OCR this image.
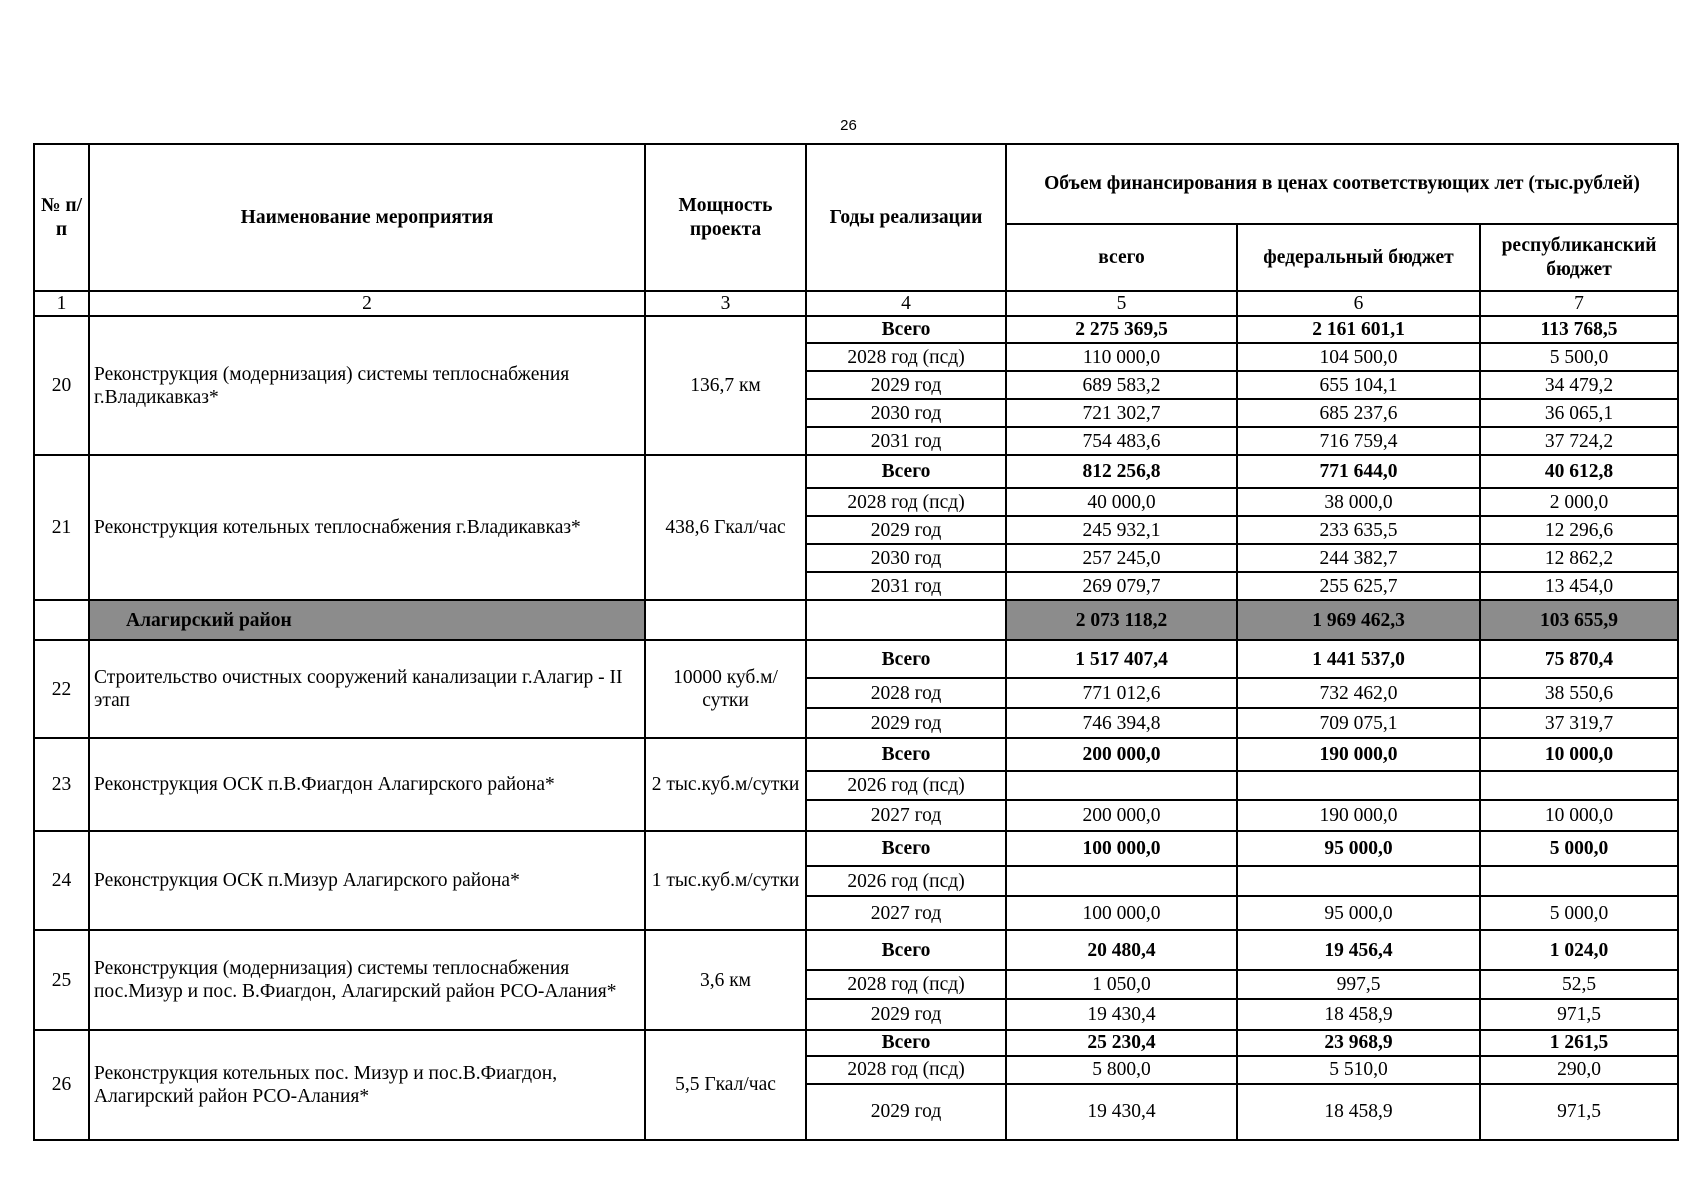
26
№ п/п	Наименование мероприятия	Мощность проекта	Годы реализации	Объем финансирования в ценах соответствующих лет (тыс.рублей)		
				всего	федеральный бюджет	республиканский бюджет
1	2	3	4	5	6	7
20	Реконструкция (модернизация) системы теплоснабжения г.Владикавказ*	136,7 км	Всего	2 275 369,5	2 161 601,1	113 768,5
			2028 год (псд)	110 000,0	104 500,0	5 500,0
			2029 год	689 583,2	655 104,1	34 479,2
			2030 год	721 302,7	685 237,6	36 065,1
			2031 год	754 483,6	716 759,4	37 724,2
21	Реконструкция котельных теплоснабжения г.Владикавказ*	438,6 Гкал/час	Всего	812 256,8	771 644,0	40 612,8
			2028 год (псд)	40 000,0	38 000,0	2 000,0
			2029 год	245 932,1	233 635,5	12 296,6
			2030 год	257 245,0	244 382,7	12 862,2
			2031 год	269 079,7	255 625,7	13 454,0
	Алагирский район			2 073 118,2	1 969 462,3	103 655,9
22	Строительство очистных сооружений канализации г.Алагир - II этап	10000 куб.м/сутки	Всего	1 517 407,4	1 441 537,0	75 870,4
			2028 год	771 012,6	732 462,0	38 550,6
			2029 год	746 394,8	709 075,1	37 319,7
23	Реконструкция ОСК п.В.Фиагдон Алагирского района*	2 тыс.куб.м/сутки	Всего	200 000,0	190 000,0	10 000,0
			2026 год (псд)			
			2027 год	200 000,0	190 000,0	10 000,0
24	Реконструкция ОСК п.Мизур Алагирского района*	1 тыс.куб.м/сутки	Всего	100 000,0	95 000,0	5 000,0
			2026 год (псд)			
			2027 год	100 000,0	95 000,0	5 000,0
25	Реконструкция (модернизация) системы теплоснабжения пос.Мизур и пос. В.Фиагдон, Алагирский район РСО-Алания*	3,6 км	Всего	20 480,4	19 456,4	1 024,0
			2028 год (псд)	1 050,0	997,5	52,5
			2029 год	19 430,4	18 458,9	971,5
26	Реконструкция котельных пос. Мизур и пос.В.Фиагдон, Алагирский район РСО-Алания*	5,5 Гкал/час	Всего	25 230,4	23 968,9	1 261,5
			2028 год (псд)	5 800,0	5 510,0	290,0
			2029 год	19 430,4	18 458,9	971,5
